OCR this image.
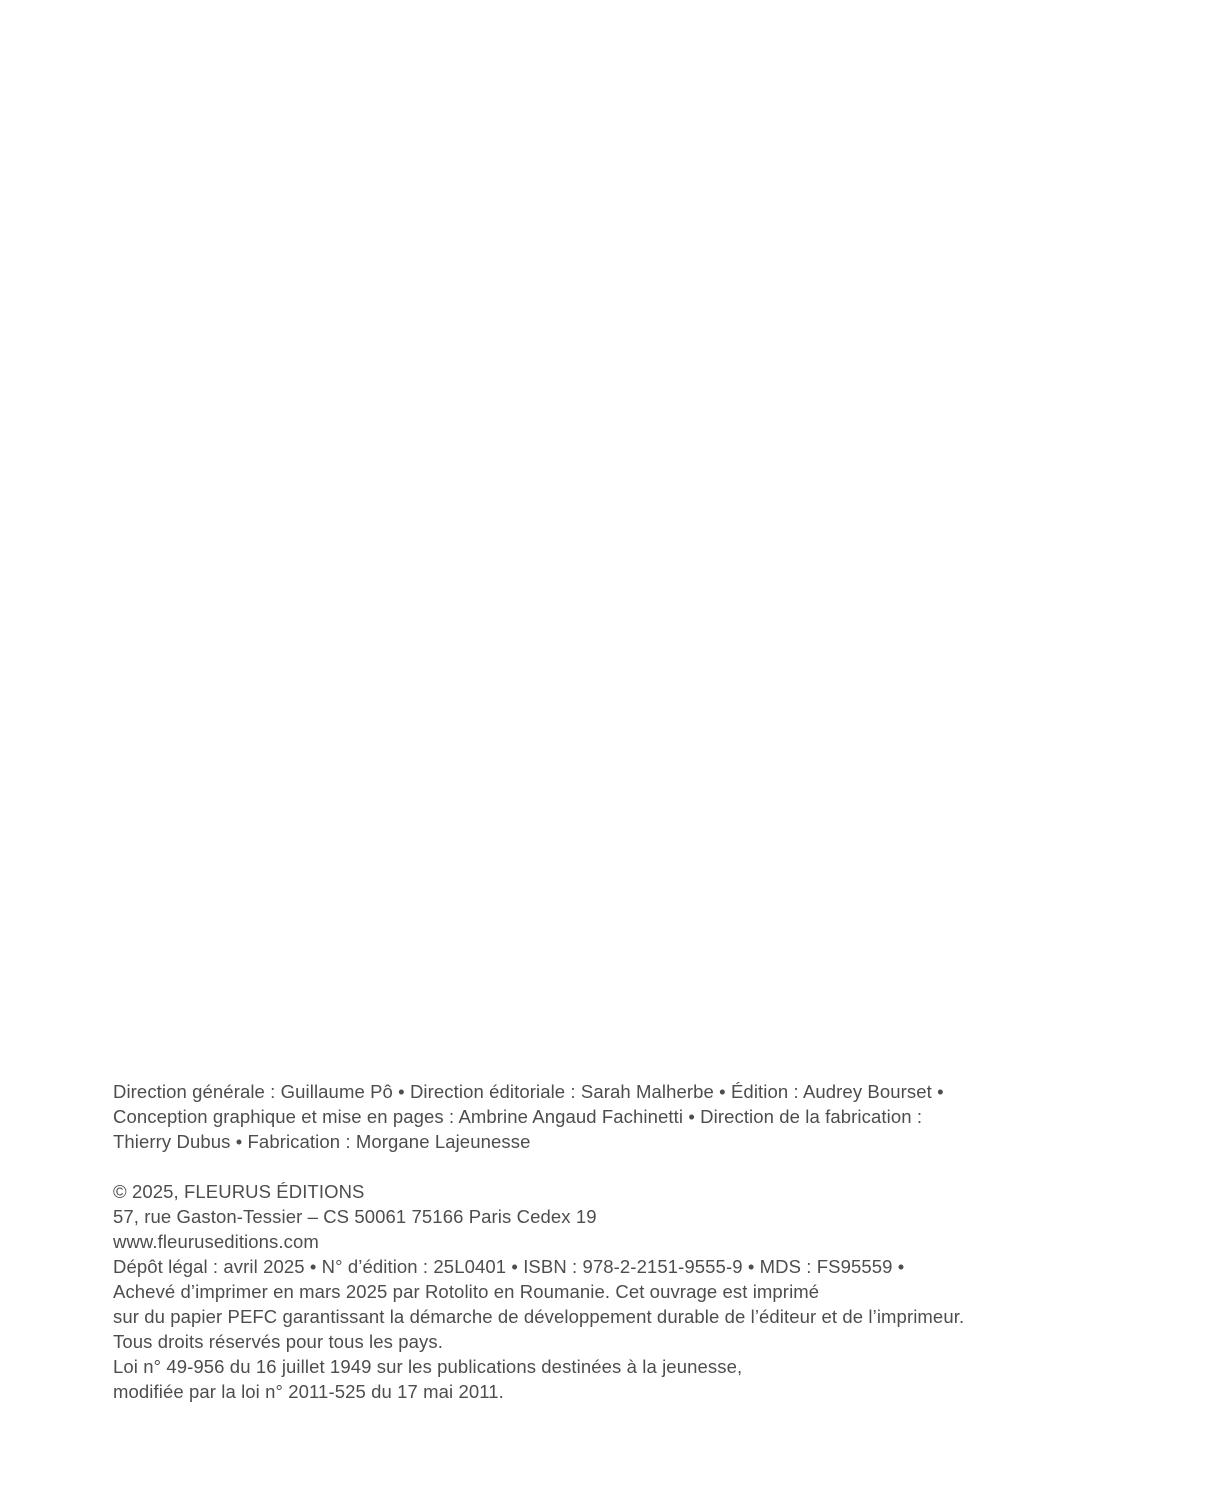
Direction générale : Guillaume Pô • Direction éditoriale : Sarah Malherbe • Édition : Audrey Bourset •
Conception graphique et mise en pages : Ambrine Angaud Fachinetti • Direction de la fabrication :
Thierry Dubus • Fabrication : Morgane Lajeunesse
© 2025, FLEURUS ÉDITIONS
57, rue Gaston-Tessier – CS 50061 75166 Paris Cedex 19
www.fleuruseditions.com
Dépôt légal : avril 2025 • N° d’édition : 25L0401 • ISBN : 978-2-2151-9555-9 • MDS : FS95559 •
Achevé d’imprimer en mars 2025 par Rotolito en Roumanie. Cet ouvrage est imprimé
sur du papier PEFC garantissant la démarche de développement durable de l’éditeur et de l’imprimeur.
Tous droits réservés pour tous les pays.
Loi n° 49-956 du 16 juillet 1949 sur les publications destinées à la jeunesse,
modifiée par la loi n° 2011-525 du 17 mai 2011.
